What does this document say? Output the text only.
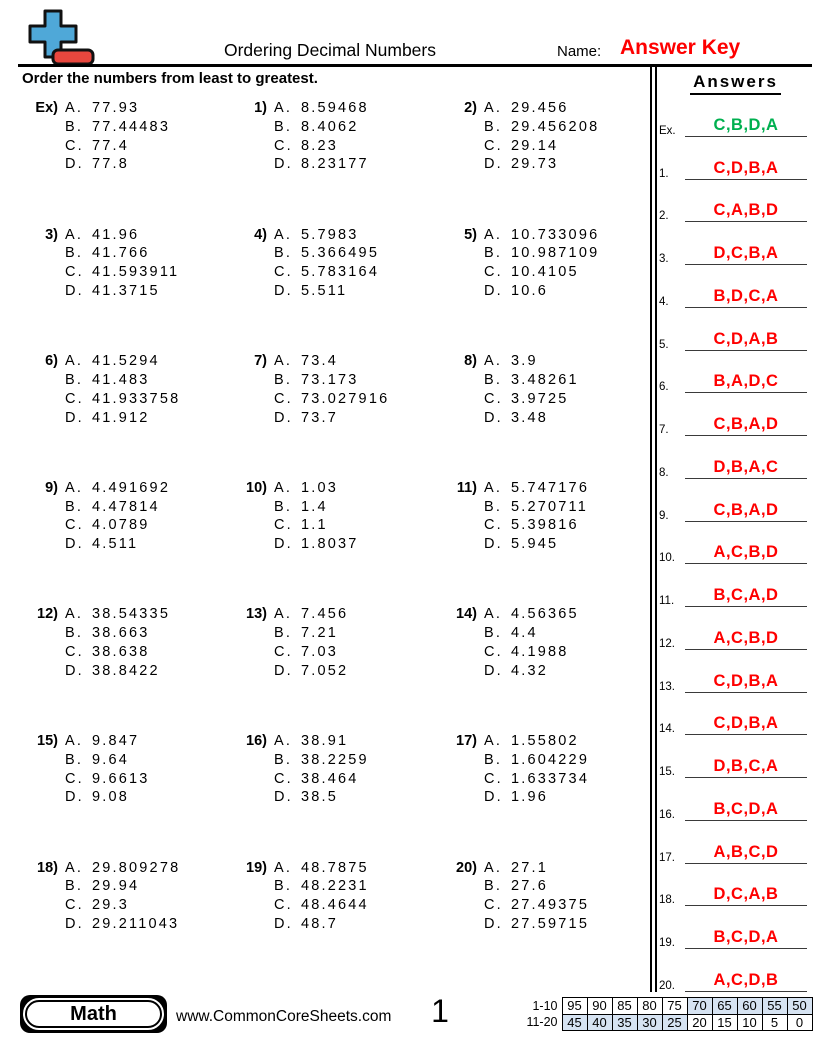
Ordering Decimal Numbers	Name: Answer Key
Order the numbers from least to greatest.
Ex) A. 77.93
B. 77.44483
C. 77.4
D. 77.8
1) A. 8.59468
B. 8.4062
C. 8.23
D. 8.23177
2) A. 29.456
B. 29.456208
C. 29.14
D. 29.73
3) A. 41.96
B. 41.766
C. 41.593911
D. 41.3715
4) A. 5.7983
B. 5.366495
C. 5.783164
D. 5.511
5) A. 10.733096
B. 10.987109
C. 10.4105
D. 10.6
6) A. 41.5294
B. 41.483
C. 41.933758
D. 41.912
7) A. 73.4
B. 73.173
C. 73.027916
D. 73.7
8) A. 3.9
B. 3.48261
C. 3.9725
D. 3.48
9) A. 4.491692
B. 4.47814
C. 4.0789
D. 4.511
10) A. 1.03
B. 1.4
C. 1.1
D. 1.8037
11) A. 5.747176
B. 5.270711
C. 5.39816
D. 5.945
12) A. 38.54335
B. 38.663
C. 38.638
D. 38.8422
13) A. 7.456
B. 7.21
C. 7.03
D. 7.052
14) A. 4.56365
B. 4.4
C. 4.1988
D. 4.32
15) A. 9.847
B. 9.64
C. 9.6613
D. 9.08
16) A. 38.91
B. 38.2259
C. 38.464
D. 38.5
17) A. 1.55802
B. 1.604229
C. 1.633734
D. 1.96
18) A. 29.809278
B. 29.94
C. 29.3
D. 29.211043
19) A. 48.7875
B. 48.2231
C. 48.4644
D. 48.7
20) A. 27.1
B. 27.6
C. 27.49375
D. 27.59715
Answers
Ex.	C,B,D,A
1.	C,D,B,A
2.	C,A,B,D
3.	D,C,B,A
4.	B,D,C,A
5.	C,D,A,B
6.	B,A,D,C
7.	C,B,A,D
8.	D,B,A,C
9.	C,B,A,D
10.	A,C,B,D
11.	B,C,A,D
12.	A,C,B,D
13.	C,D,B,A
14.	C,D,B,A
15.	D,B,C,A
16.	B,C,D,A
17.	A,B,C,D
18.	D,C,A,B
19.	B,C,D,A
20.	A,C,D,B
Math	www.CommonCoreSheets.com	1	1-10	95	90	85	80	75	70	65	60	55	50
11-20	45	40	35	30	25	20	15	10	5	0
